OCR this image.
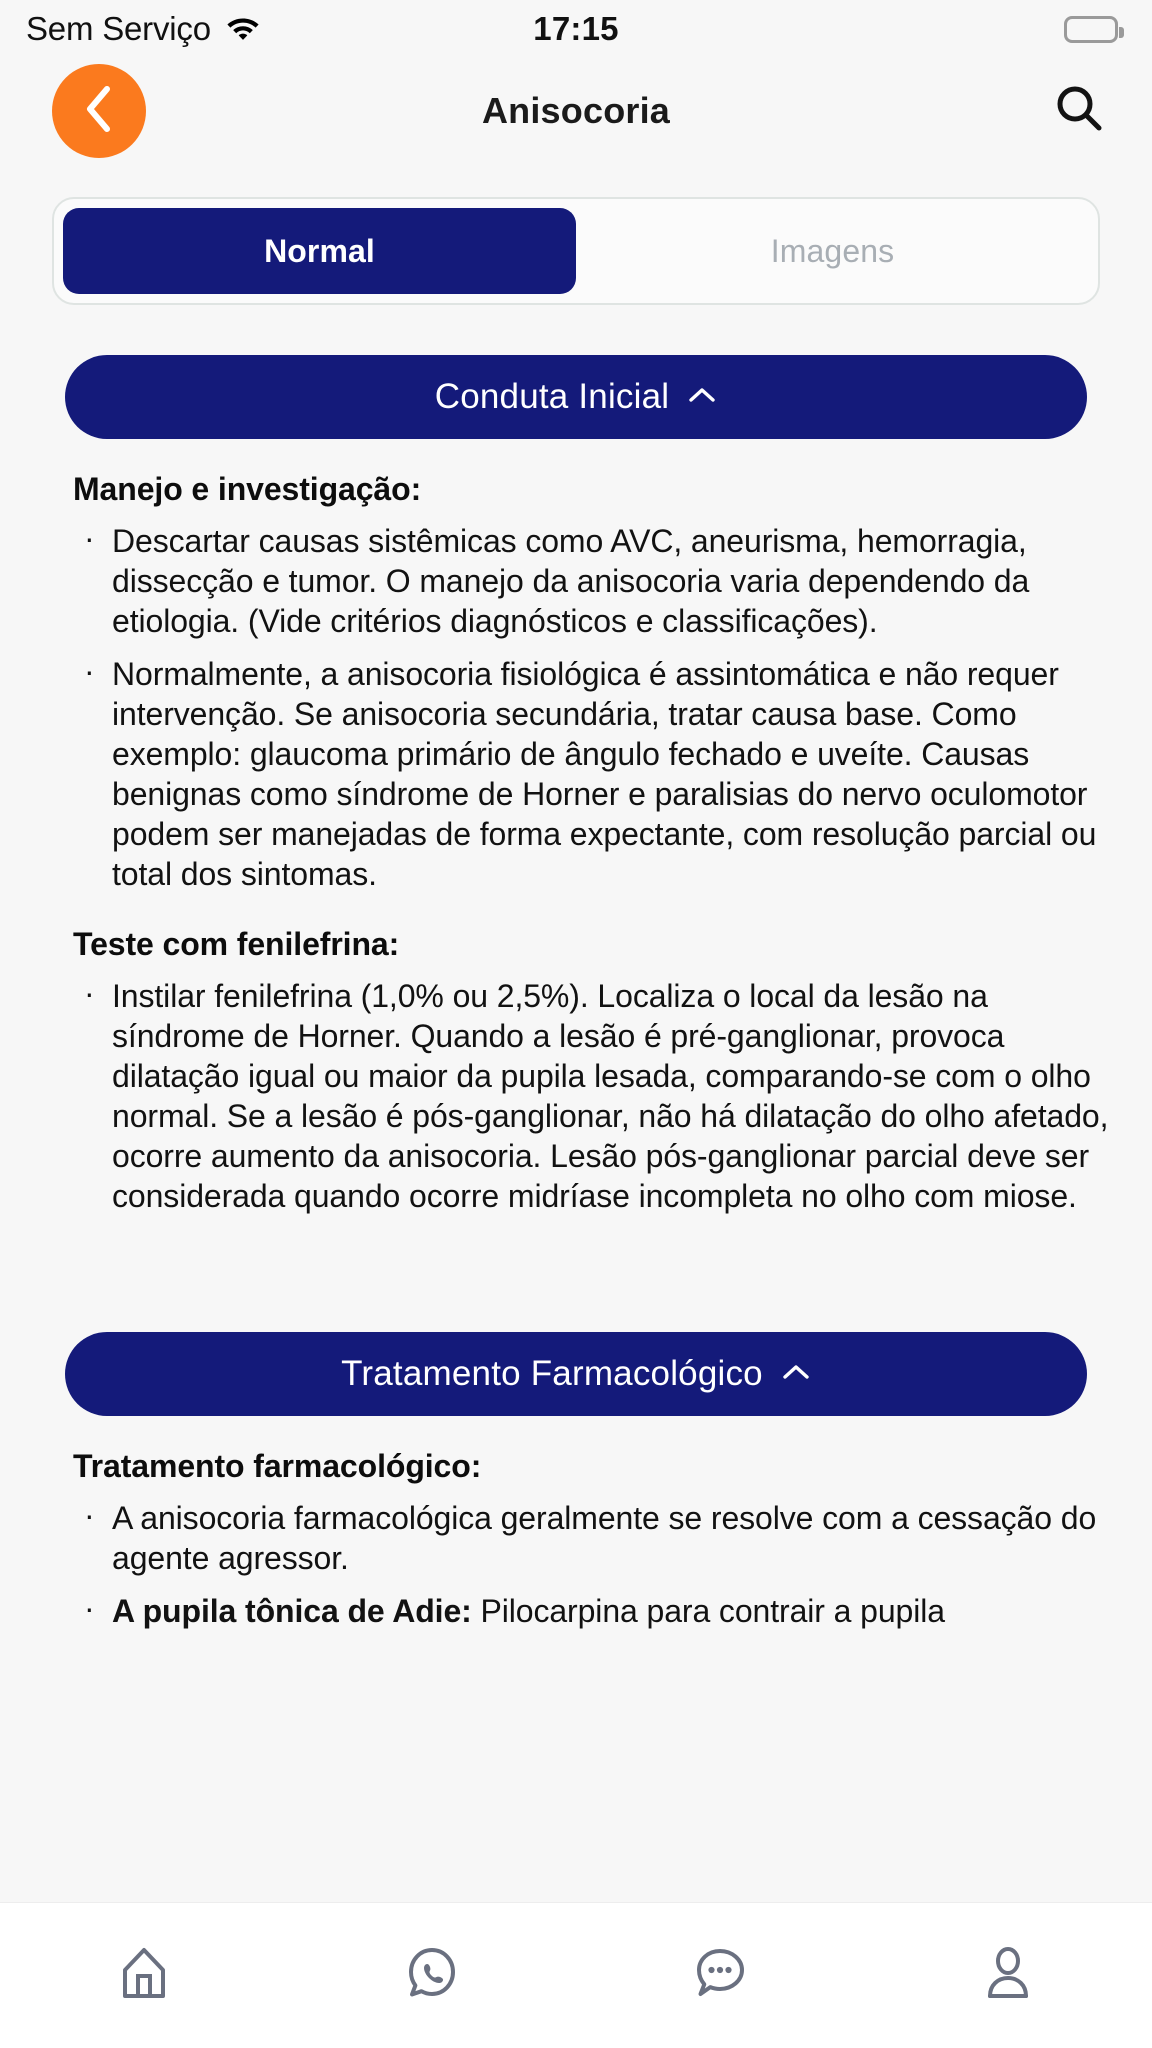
Sem Serviço	17:15
Anisocoria
Normal	Imagens
Conduta Inicial
Manejo e investigação:
· Descartar causas sistêmicas como AVC, aneurisma, hemorragia, dissecção e tumor. O manejo da anisocoria varia dependendo da etiologia. (Vide critérios diagnósticos e classificações).
· Normalmente, a anisocoria fisiológica é assintomática e não requer intervenção. Se anisocoria secundária, tratar causa base. Como exemplo: glaucoma primário de ângulo fechado e uveíte. Causas benignas como síndrome de Horner e paralisias do nervo oculomotor podem ser manejadas de forma expectante, com resolução parcial ou total dos sintomas.
Teste com fenilefrina:
· Instilar fenilefrina (1,0% ou 2,5%). Localiza o local da lesão na síndrome de Horner. Quando a lesão é pré-ganglionar, provoca dilatação igual ou maior da pupila lesada, comparando-se com o olho normal. Se a lesão é pós-ganglionar, não há dilatação do olho afetado, ocorre aumento da anisocoria. Lesão pós-ganglionar parcial deve ser considerada quando ocorre midríase incompleta no olho com miose.
Tratamento Farmacológico
Tratamento farmacológico:
· A anisocoria farmacológica geralmente se resolve com a cessação do agente agressor.
· A pupila tônica de Adie: Pilocarpina para contrair a pupila
